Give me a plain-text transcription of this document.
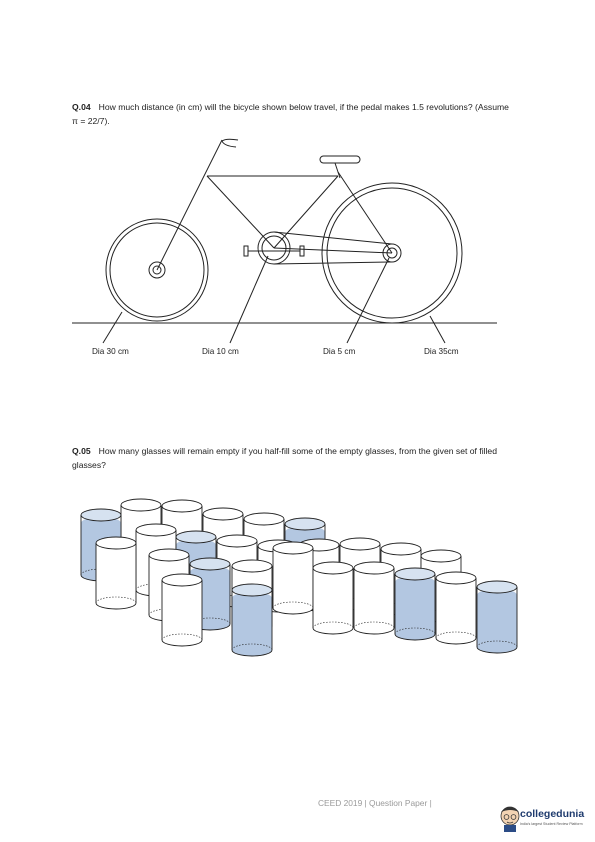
Q.04 How much distance (in cm) will the bicycle shown below travel, if the pedal makes 1.5 revolutions? (Assume π = 22/7).
Dia 30 cm	Dia 10 cm	Dia 5 cm	Dia 35cm
Q.05 How many glasses will remain empty if you half-fill some of the empty glasses, from the given set of filled glasses?
CEED 2019 | Question Paper |
collegedunia
India's largest Student Review Platform
